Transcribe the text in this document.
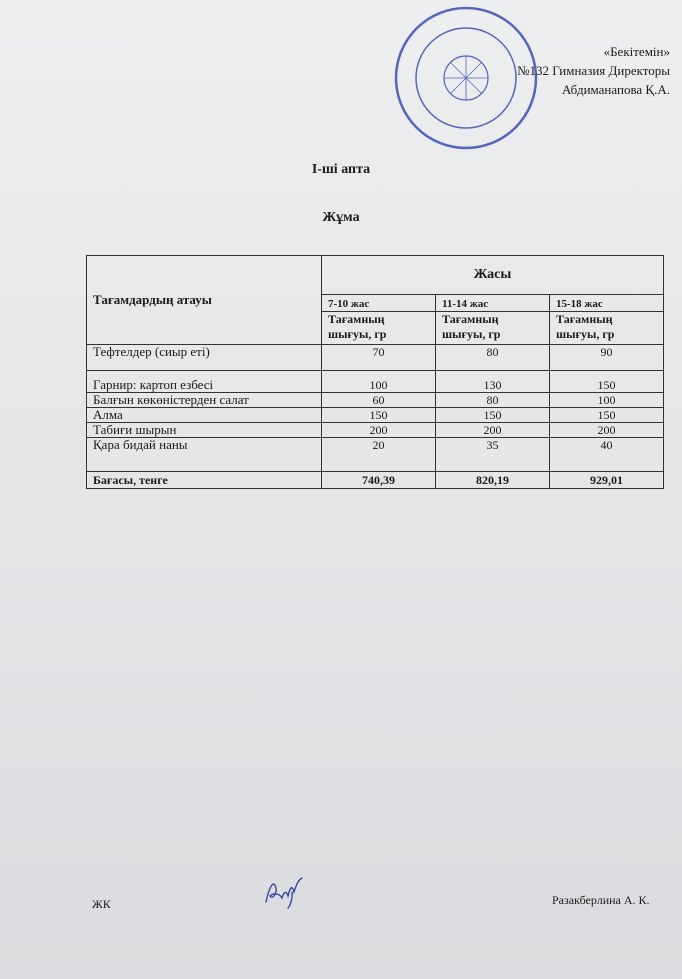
«Бекітемін»
№132 Гимназия Директоры
Абдиманапова Қ.А.
І-ші апта
Жұма
Тағамдардың атауы	Жасы		
	7-10 жас	11-14 жас	15-18 жас
	Тағамның шығуы, гр	Тағамның шығуы, гр	Тағамның шығуы, гр
Тефтелдер (сиыр еті)	70	80	90
Гарнир: картоп езбесі	100	130	150
Балғын көкөністерден салат	60	80	100
Алма	150	150	150
Табиғи шырын	200	200	200
Қара бидай наны	20	35	40
Бағасы, тенге	740,39	820,19	929,01
ЖК	Разакберлина А. К.
